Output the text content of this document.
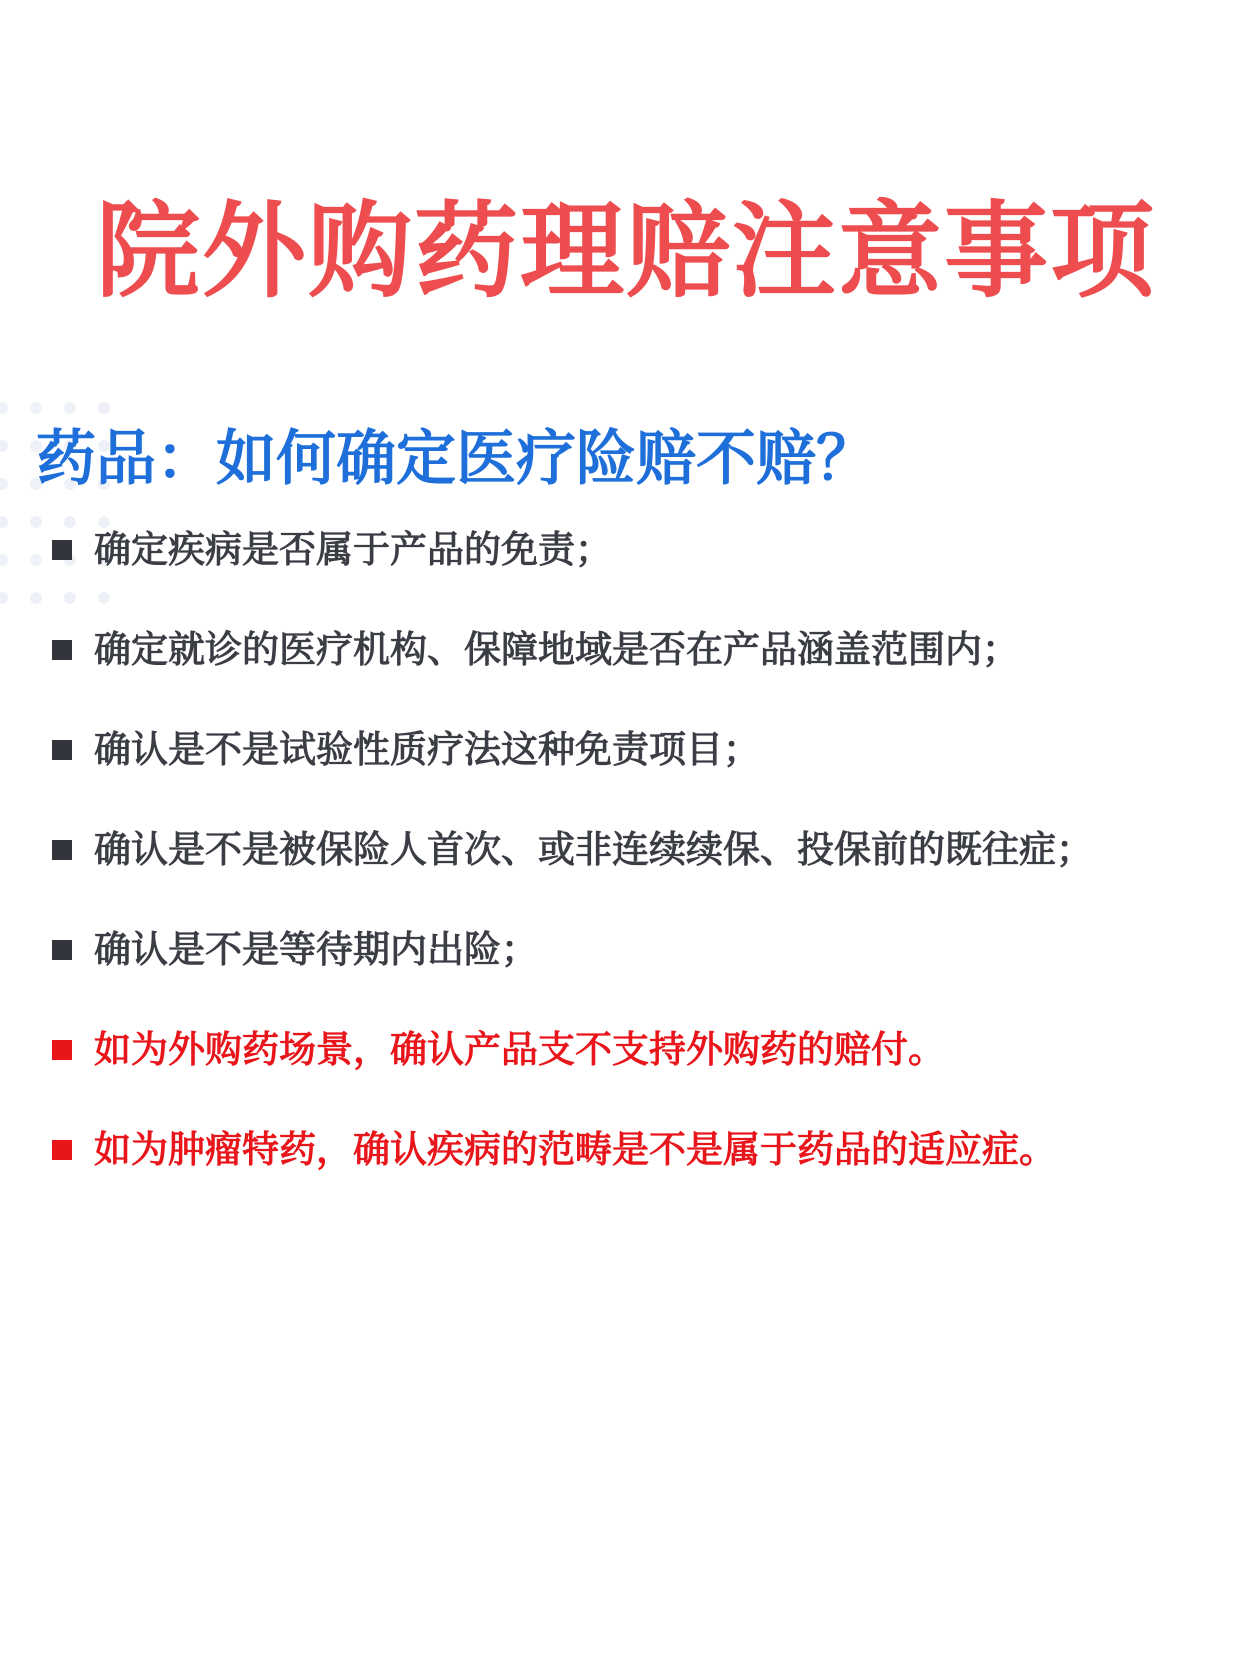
院外购药理赔注意事项
药品：如何确定医疗险赔不赔？
确定疾病是否属于产品的免责；
确定就诊的医疗机构、保障地域是否在产品涵盖范围内；
确认是不是试验性质疗法这种免责项目；
确认是不是被保险人首次、或非连续续保、投保前的既往症；
确认是不是等待期内出险；
如为外购药场景，确认产品支不支持外购药的赔付。
如为肿瘤特药，确认疾病的范畴是不是属于药品的适应症。
